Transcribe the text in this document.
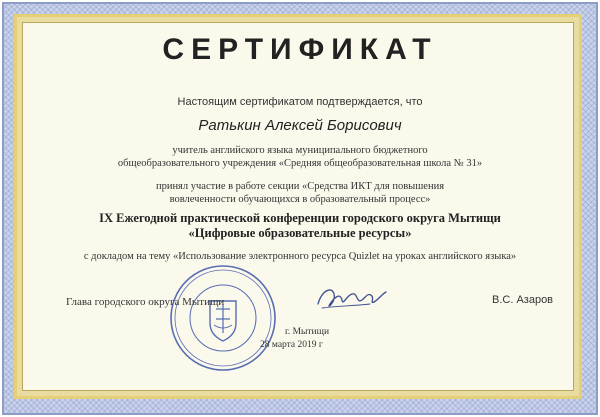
СЕРТИФИКАТ
Настоящим сертификатом подтверждается, что
Ратькин Алексей Борисович
учитель английского языка муниципального бюджетного
общеобразовательного учреждения «Средняя общеобразовательная школа № 31»
принял участие в работе секции «Средства ИКТ для повышения
вовлеченности обучающихся в образовательный процесс»
IX Ежегодной практической конференции городского округа Мытищи
«Цифровые образовательные ресурсы»
с докладом на тему «Использование электронного ресурса Quizlet на уроках английского языка»
Глава городского округа Мытищи	В.С. Азаров
г. Мытищи
28 марта 2019 г
